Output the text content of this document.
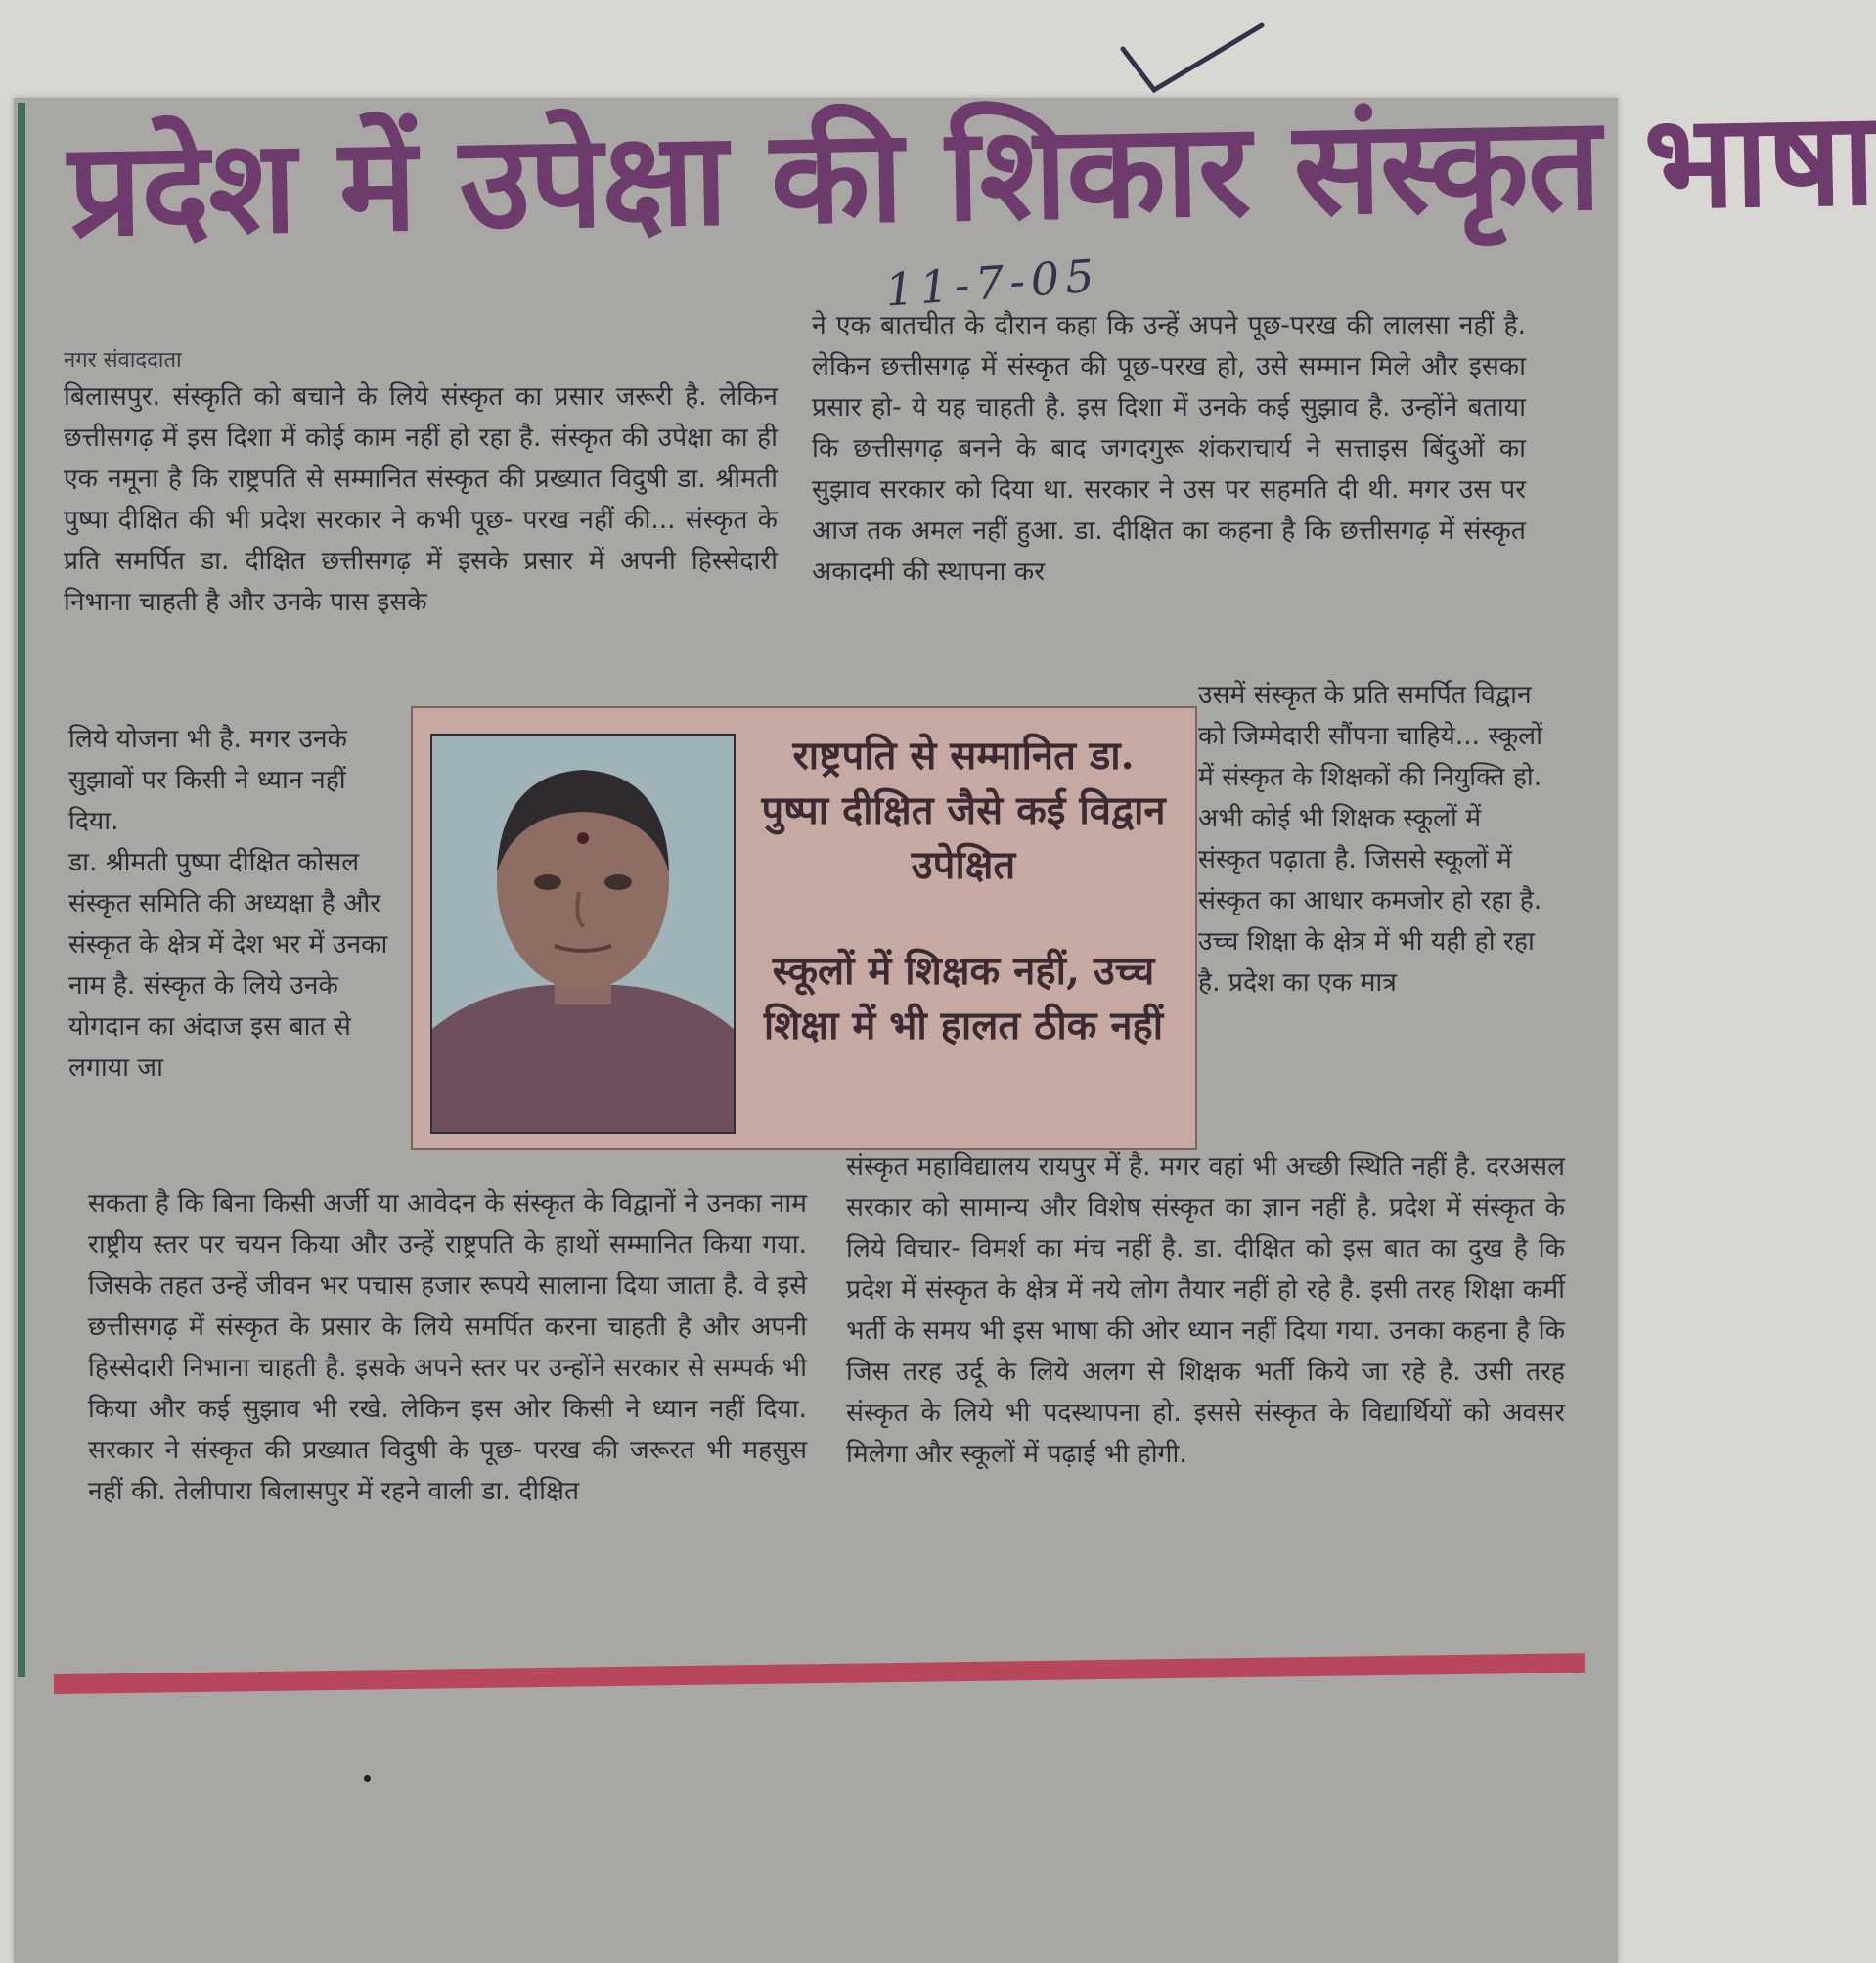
प्रदेश में उपेक्षा की शिकार संस्कृत भाषा
11-7-05
नगर संवाददाता

बिलासपुर. संस्कृति को बचाने के लिये संस्कृत का प्रसार जरूरी है. लेकिन छत्तीसगढ़ में इस दिशा में कोई काम नहीं हो रहा है. संस्कृत की उपेक्षा का ही एक नमूना है कि राष्ट्रपति से सम्मानित संस्कृत की प्रख्यात विदुषी डा. श्रीमती पुष्पा दीक्षित की भी प्रदेश सरकार ने कभी पूछ- परख नहीं की... संस्कृत के प्रति समर्पित डा. दीक्षित छत्तीसगढ़ में इसके प्रसार में अपनी हिस्सेदारी निभाना चाहती है और उनके पास इसके

लिये योजना भी है. मगर उनके सुझावों पर किसी ने ध्यान नहीं दिया.
डा. श्रीमती पुष्पा दीक्षित कोसल संस्कृत समिति की अध्यक्षा है और संस्कृत के क्षेत्र में देश भर में उनका नाम है. संस्कृत के लिये उनके योगदान का अंदाज इस बात से लगाया जा

सकता है कि बिना किसी अर्जी या आवेदन के संस्कृत के विद्वानों ने उनका नाम राष्ट्रीय स्तर पर चयन किया और उन्हें राष्ट्रपति के हाथों सम्मानित किया गया. जिसके तहत उन्हें जीवन भर पचास हजार रूपये सालाना दिया जाता है. वे इसे छत्तीसगढ़ में संस्कृत के प्रसार के लिये समर्पित करना चाहती है और अपनी हिस्सेदारी निभाना चाहती है. इसके अपने स्तर पर उन्होंने सरकार से सम्पर्क भी किया और कई सुझाव भी रखे. लेकिन इस ओर किसी ने ध्यान नहीं दिया. सरकार ने संस्कृत की प्रख्यात विदुषी के पूछ- परख की जरूरत भी महसुस नहीं की. तेलीपारा बिलासपुर में रहने वाली डा. दीक्षित

ने एक बातचीत के दौरान कहा कि उन्हें अपने पूछ-परख की लालसा नहीं है. लेकिन छत्तीसगढ़ में संस्कृत की पूछ-परख हो, उसे सम्मान मिले और इसका प्रसार हो- ये यह चाहती है. इस दिशा में उनके कई सुझाव है. उन्होंने बताया कि छत्तीसगढ़ बनने के बाद जगदगुरू शंकराचार्य ने सत्ताइस बिंदुओं का सुझाव सरकार को दिया था. सरकार ने उस पर सहमति दी थी. मगर उस पर आज तक अमल नहीं हुआ. डा. दीक्षित का कहना है कि छत्तीसगढ़ में संस्कृत अकादमी की स्थापना कर

उसमें संस्कृत के प्रति समर्पित विद्वान को जिम्मेदारी सौंपना चाहिये... स्कूलों में संस्कृत के शिक्षकों की नियुक्ति हो. अभी कोई भी शिक्षक स्कूलों में संस्कृत पढ़ाता है. जिससे स्कूलों में संस्कृत का आधार कमजोर हो रहा है. उच्च शिक्षा के क्षेत्र में भी यही हो रहा है. प्रदेश का एक मात्र

संस्कृत महाविद्यालय रायपुर में है. मगर वहां भी अच्छी स्थिति नहीं है. दरअसल सरकार को सामान्य और विशेष संस्कृत का ज्ञान नहीं है. प्रदेश में संस्कृत के लिये विचार- विमर्श का मंच नहीं है. डा. दीक्षित को इस बात का दुख है कि प्रदेश में संस्कृत के क्षेत्र में नये लोग तैयार नहीं हो रहे है. इसी तरह शिक्षा कर्मी भर्ती के समय भी इस भाषा की ओर ध्यान नहीं दिया गया. उनका कहना है कि जिस तरह उर्दू के लिये अलग से शिक्षक भर्ती किये जा रहे है. उसी तरह संस्कृत के लिये भी पदस्थापना हो. इससे संस्कृत के विद्यार्थियों को अवसर मिलेगा और स्कूलों में पढ़ाई भी होगी.

राष्ट्रपति से सम्मानित डा. पुष्पा दीक्षित जैसे कई विद्वान उपेक्षित

स्कूलों में शिक्षक नहीं, उच्च शिक्षा में भी हालत ठीक नहीं
